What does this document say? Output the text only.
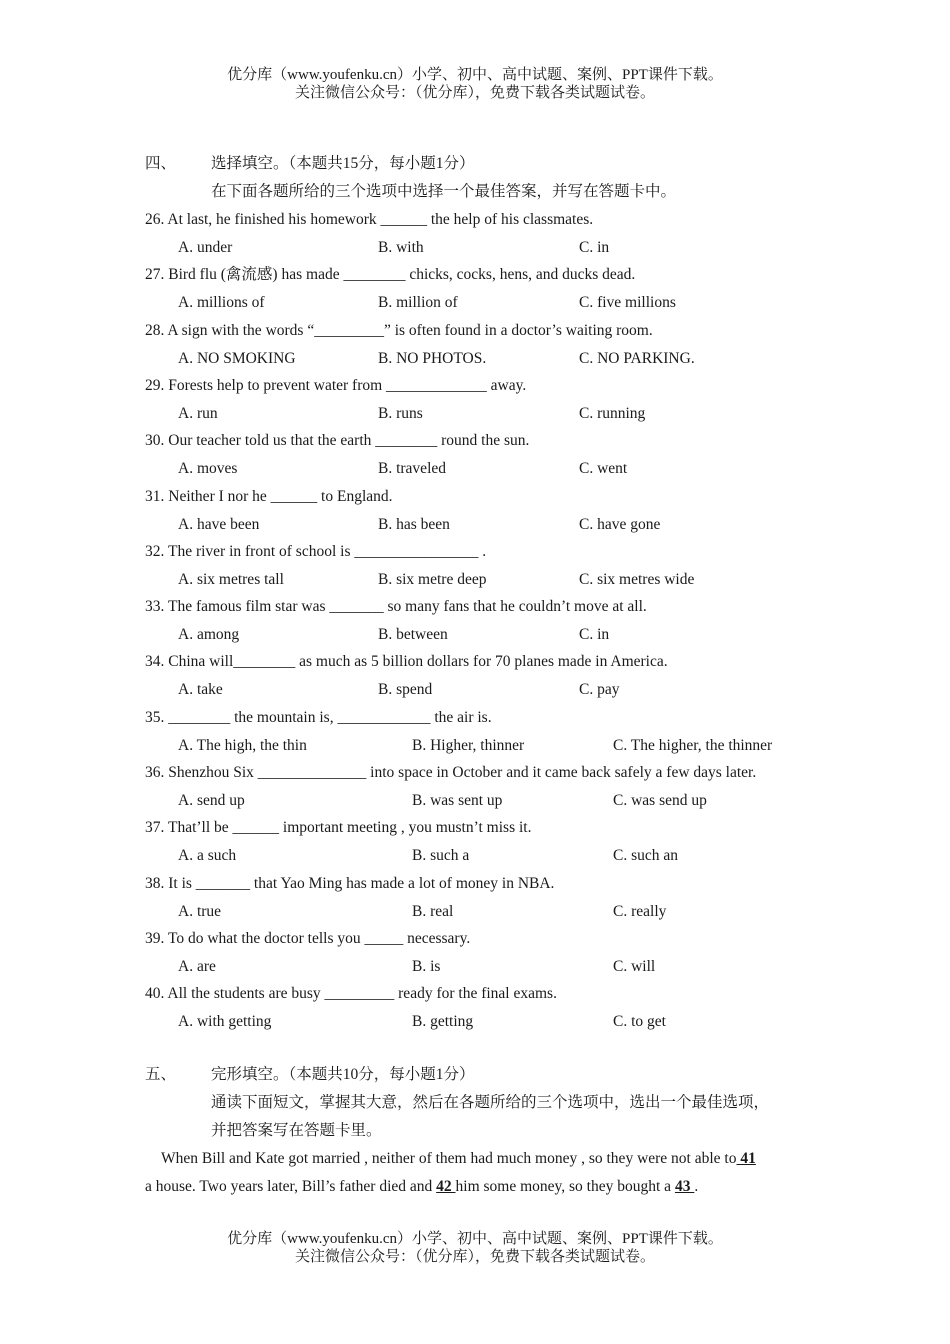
优分库（www.youfenku.cn）小学、初中、高中试题、案例、PPT课件下载。
关注微信公众号：（优分库），免费下载各类试题试卷。
四、 选择填空。（本题共15分，每小题1分）
在下面各题所给的三个选项中选择一个最佳答案，并写在答题卡中。
26. At last, he finished his homework ______ the help of his classmates.
A. under	B. with	C. in
27. Bird flu (禽流感) has made ________ chicks, cocks, hens, and ducks dead.
A. millions of	B. million of	C. five millions
28. A sign with the words “_________” is often found in a doctor’s waiting room.
A. NO SMOKING	B. NO PHOTOS.	C. NO PARKING.
29. Forests help to prevent water from _____________ away.
A. run	B. runs	C. running
30. Our teacher told us that the earth ________ round the sun.
A. moves	B. traveled	C. went
31. Neither I nor he ______ to England.
A. have been	B. has been	C. have gone
32. The river in front of school is ________________ .
A. six metres tall	B. six metre deep	C. six metres wide
33. The famous film star was _______ so many fans that he couldn’t move at all.
A. among	B. between	C. in
34. China will________ as much as 5 billion dollars for 70 planes made in America.
A. take	B. spend	C. pay
35. ________ the mountain is, ____________ the air is.
A. The high, the thin	B. Higher, thinner	C. The higher, the thinner
36. Shenzhou Six ______________ into space in October and it came back safely a few days later.
A. send up	B. was sent up	C. was send up
37. That’ll be ______ important meeting , you mustn’t miss it.
A. a such	B. such a	C. such an
38. It is _______ that Yao Ming has made a lot of money in NBA.
A. true	B. real	C. really
39. To do what the doctor tells you _____ necessary.
A. are	B. is	C. will
40. All the students are busy _________ ready for the final exams.
A. with getting	B. getting	C. to get
五、 完形填空。（本题共10分，每小题1分）
通读下面短文，掌握其大意，然后在各题所给的三个选项中，选出一个最佳选项，
并把答案写在答题卡里。
When Bill and Kate got married , neither of them had much money , so they were not able to 41
a house. Two years later, Bill’s father died and 42 him some money, so they bought a 43 .
优分库（www.youfenku.cn）小学、初中、高中试题、案例、PPT课件下载。
关注微信公众号：（优分库），免费下载各类试题试卷。
